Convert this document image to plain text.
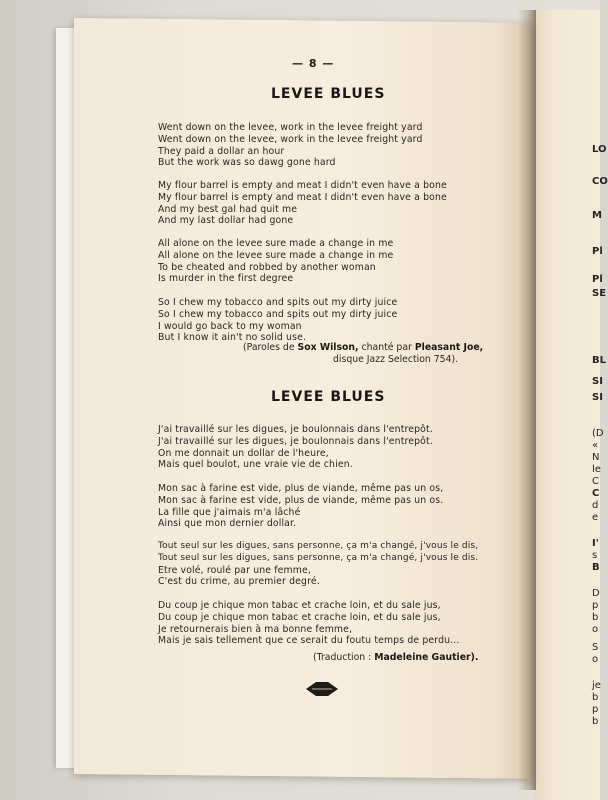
LO
CO
M
Pl
Pl
SE
BL
SI
SI
(D
«
N
le
C
C
d
e
I'
s
B
D
p
b
o
S
o
je
b
p
b
— 8 —
LEVEE BLUES
Went down on the levee, work in the levee freight yard
Went down on the levee, work in the levee freight yard
They paid a dollar an hour
But the work was so dawg gone hard
My flour barrel is empty and meat I didn't even have a bone
My flour barrel is empty and meat I didn't even have a bone
And my best gal had quit me
And my last dollar had gone
All alone on the levee sure made a change in me
All alone on the levee sure made a change in me
To be cheated and robbed by another woman
Is murder in the first degree
So I chew my tobacco and spits out my dirty juice
So I chew my tobacco and spits out my dirty juice
I would go back to my woman
But I know it ain't no solid use.
(Paroles de Sox Wilson, chanté par Pleasant Joe,
disque Jazz Selection 754).
LEVEE BLUES
J'ai travaillé sur les digues, je boulonnais dans l'entrepôt.
J'ai travaillé sur les digues, je boulonnais dans l'entrepôt.
On me donnait un dollar de l'heure,
Mais quel boulot, une vraie vie de chien.
Mon sac à farine est vide, plus de viande, même pas un os,
Mon sac à farine est vide, plus de viande, même pas un os.
La fille que j'aimais m'a lâché
Ainsi que mon dernier dollar.
Tout seul sur les digues, sans personne, ça m'a changé, j'vous le dis,
Tout seul sur les digues, sans personne, ça m'a changé, j'vous le dis.
Etre volé, roulé par une femme,
C'est du crime, au premier degré.
Du coup je chique mon tabac et crache loin, et du sale jus,
Du coup je chique mon tabac et crache loin, et du sale jus,
Je retournerais bien à ma bonne femme,
Mais je sais tellement que ce serait du foutu temps de perdu...
(Traduction : Madeleine Gautier).
